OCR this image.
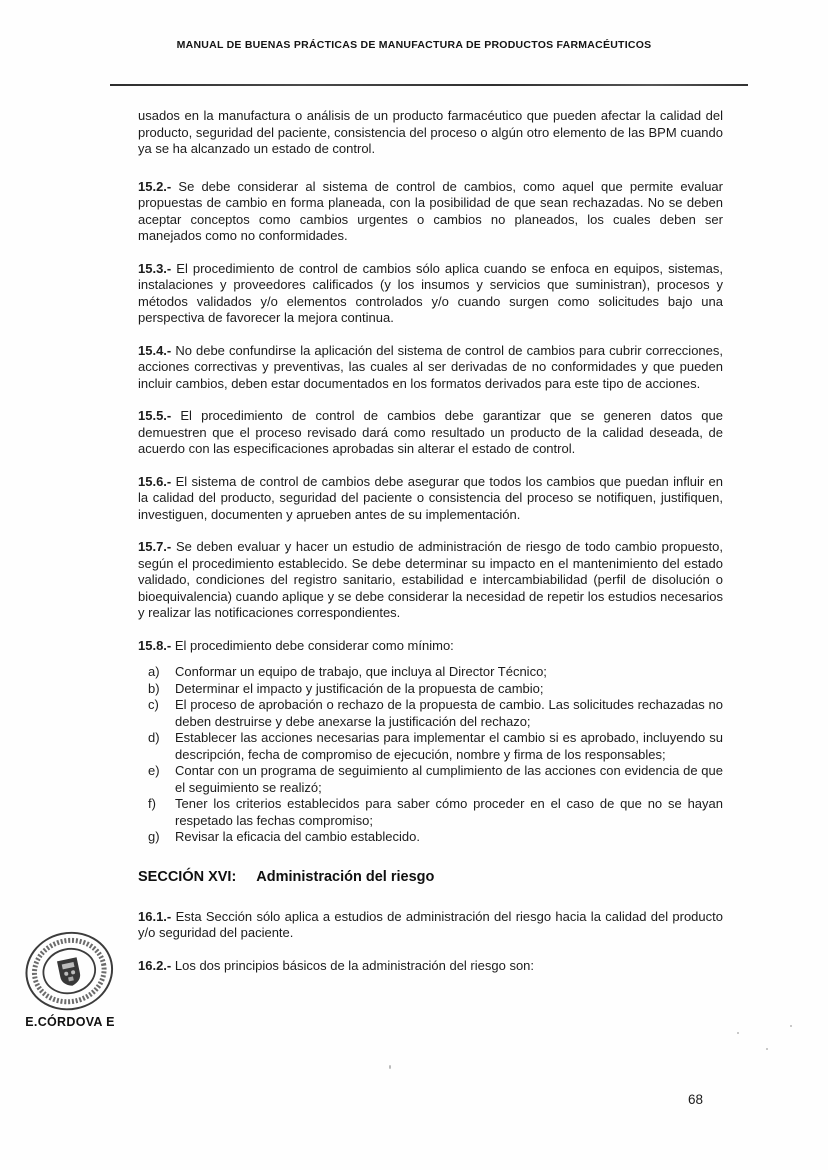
MANUAL DE BUENAS PRÁCTICAS DE MANUFACTURA DE PRODUCTOS FARMACÉUTICOS

usados en la manufactura o análisis de un producto farmacéutico que pueden afectar la calidad del producto, seguridad del paciente, consistencia del proceso o algún otro elemento de las BPM cuando ya se ha alcanzado un estado de control.

15.2.- Se debe considerar al sistema de control de cambios, como aquel que permite evaluar propuestas de cambio en forma planeada, con la posibilidad de que sean rechazadas. No se deben aceptar conceptos como cambios urgentes o cambios no planeados, los cuales deben ser manejados como no conformidades.

15.3.- El procedimiento de control de cambios sólo aplica cuando se enfoca en equipos, sistemas, instalaciones y proveedores calificados (y los insumos y servicios que suministran), procesos y métodos validados y/o elementos controlados y/o cuando surgen como solicitudes bajo una perspectiva de favorecer la mejora continua.

15.4.- No debe confundirse la aplicación del sistema de control de cambios para cubrir correcciones, acciones correctivas y preventivas, las cuales al ser derivadas de no conformidades y que pueden incluir cambios, deben estar documentados en los formatos derivados para este tipo de acciones.

15.5.- El procedimiento de control de cambios debe garantizar que se generen datos que demuestren que el proceso revisado dará como resultado un producto de la calidad deseada, de acuerdo con las especificaciones aprobadas sin alterar el estado de control.

15.6.- El sistema de control de cambios debe asegurar que todos los cambios que puedan influir en la calidad del producto, seguridad del paciente o consistencia del proceso se notifiquen, justifiquen, investiguen, documenten y aprueben antes de su implementación.

15.7.- Se deben evaluar y hacer un estudio de administración de riesgo de todo cambio propuesto, según el procedimiento establecido. Se debe determinar su impacto en el mantenimiento del estado validado, condiciones del registro sanitario, estabilidad e intercambiabilidad (perfil de disolución o bioequivalencia) cuando aplique y se debe considerar la necesidad de repetir los estudios necesarios y realizar las notificaciones correspondientes.

15.8.- El procedimiento debe considerar como mínimo:

a)	Conformar un equipo de trabajo, que incluya al Director Técnico;
b)	Determinar el impacto y justificación de la propuesta de cambio;
c)	El proceso de aprobación o rechazo de la propuesta de cambio. Las solicitudes rechazadas no deben destruirse y debe anexarse la justificación del rechazo;
d)	Establecer las acciones necesarias para implementar el cambio si es aprobado, incluyendo su descripción, fecha de compromiso de ejecución, nombre y firma de los responsables;
e)	Contar con un programa de seguimiento al cumplimiento de las acciones con evidencia de que el seguimiento se realizó;
f)	Tener los criterios establecidos para saber cómo proceder en el caso de que no se hayan respetado las fechas compromiso;
g)	Revisar la eficacia del cambio establecido.
SECCIÓN XVI: Administración del riesgo

16.1.- Esta Sección sólo aplica a estudios de administración del riesgo hacia la calidad del producto y/o seguridad del paciente.

16.2.- Los dos principios básicos de la administración del riesgo son:

E.CÓRDOVA E
68
